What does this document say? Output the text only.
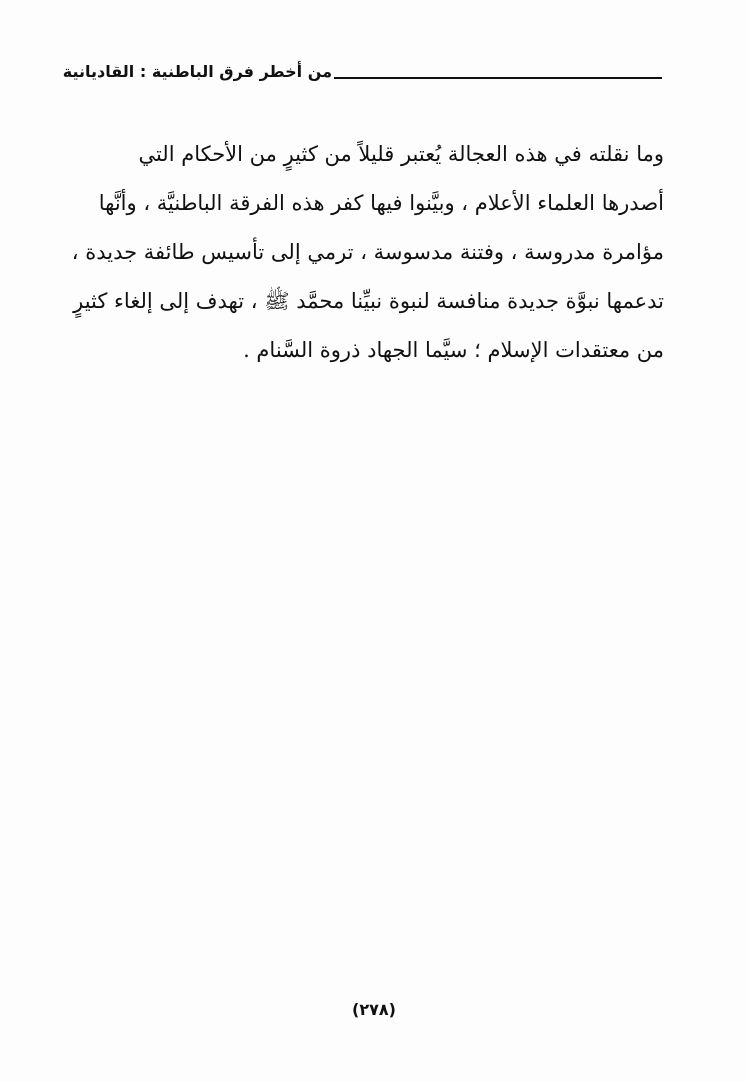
من أخطر فرق الباطنية : القاديانية
وما نقلته في هذه العجالة يُعتبر قليلاً من كثيرٍ من الأحكام التي
أصدرها العلماء الأعلام ، وبيَّنوا فيها كفر هذه الفرقة الباطنيَّة ، وأنَّها
مؤامرة مدروسة ، وفتنة مدسوسة ، ترمي إلى تأسيس طائفة جديدة ،
تدعمها نبوَّة جديدة منافسة لنبوة نبيِّنا محمَّد ﷺ ، تهدف إلى إلغاء كثيرٍ
من معتقدات الإسلام ؛ سيَّما الجهاد ذروة السَّنام .
(٢٧٨)
